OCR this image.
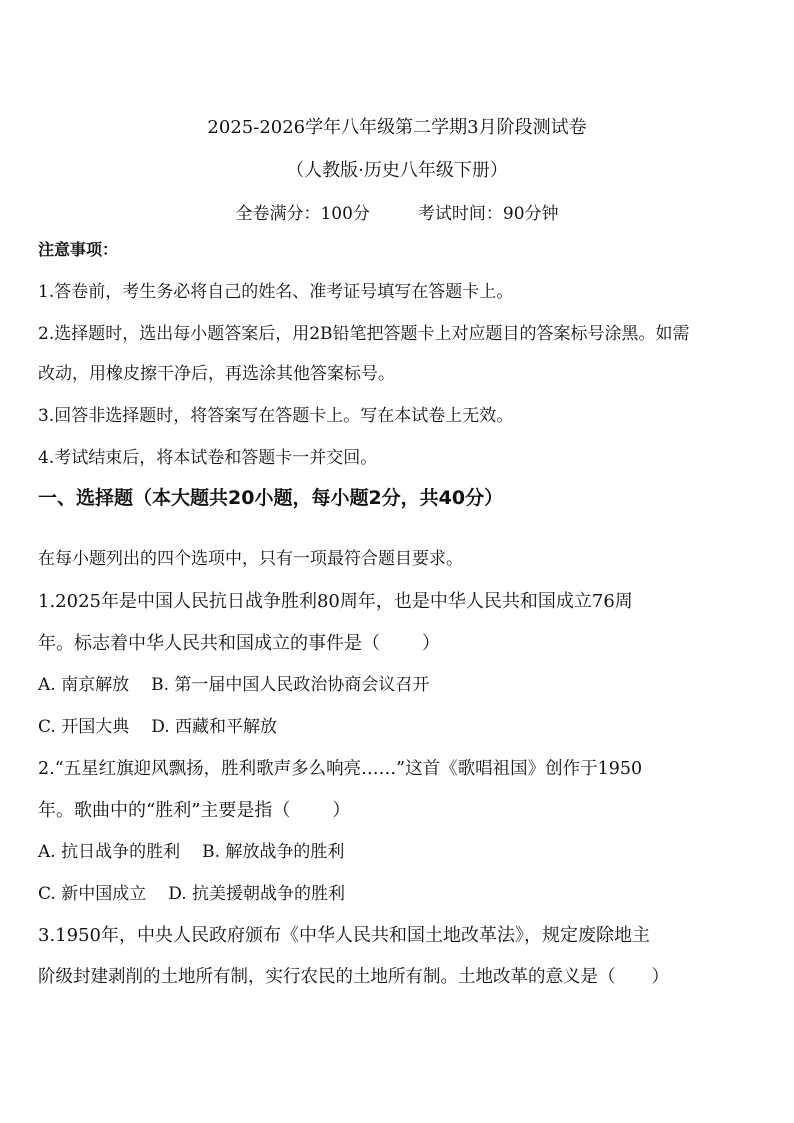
2025-2026学年八年级第二学期3月阶段测试卷
（人教版·历史八年级下册）
全卷满分：100分	考试时间：90分钟
注意事项：
1.答卷前，考生务必将自己的姓名、准考证号填写在答题卡上。
2.选择题时，选出每小题答案后，用2B铅笔把答题卡上对应题目的答案标号涂黑。如需
改动，用橡皮擦干净后，再选涂其他答案标号。
3.回答非选择题时，将答案写在答题卡上。写在本试卷上无效。
4.考试结束后，将本试卷和答题卡一并交回。
一、选择题（本大题共20小题，每小题2分，共40分）
在每小题列出的四个选项中，只有一项最符合题目要求。
1.2025年是中国人民抗日战争胜利80周年，也是中华人民共和国成立76周
年。标志着中华人民共和国成立的事件是（ ）
A. 南京解放 B. 第一届中国人民政治协商会议召开
C. 开国大典 D. 西藏和平解放
2.“五星红旗迎风飘扬，胜利歌声多么响亮……”这首《歌唱祖国》创作于1950
年。歌曲中的“胜利”主要是指（ ）
A. 抗日战争的胜利 B. 解放战争的胜利
C. 新中国成立 D. 抗美援朝战争的胜利
3.1950年，中央人民政府颁布《中华人民共和国土地改革法》，规定废除地主
阶级封建剥削的土地所有制，实行农民的土地所有制。土地改革的意义是（ ）
